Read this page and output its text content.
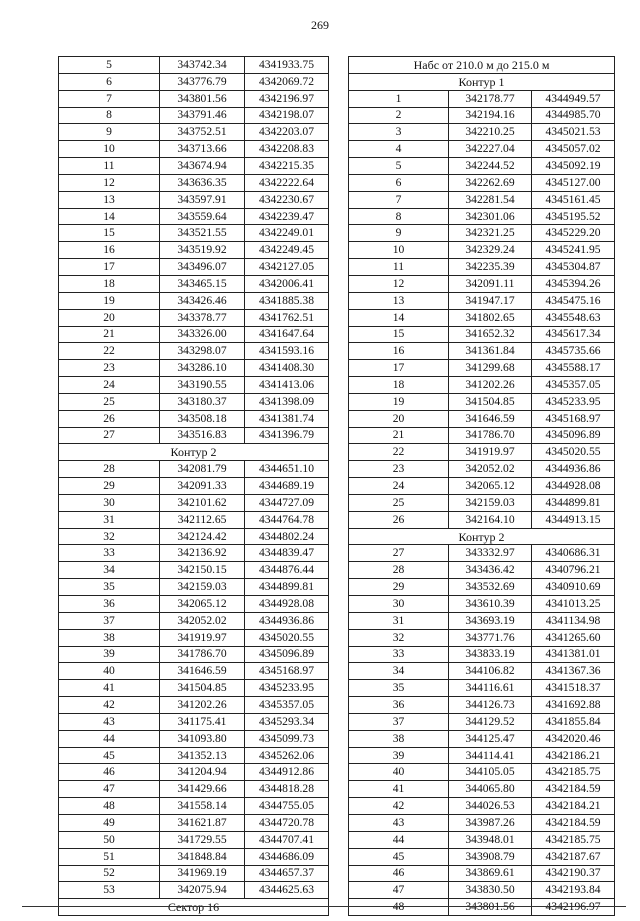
269
5	343742.34	4341933.75
6	343776.79	4342069.72
7	343801.56	4342196.97
8	343791.46	4342198.07
9	343752.51	4342203.07
10	343713.66	4342208.83
11	343674.94	4342215.35
12	343636.35	4342222.64
13	343597.91	4342230.67
14	343559.64	4342239.47
15	343521.55	4342249.01
16	343519.92	4342249.45
17	343496.07	4342127.05
18	343465.15	4342006.41
19	343426.46	4341885.38
20	343378.77	4341762.51
21	343326.00	4341647.64
22	343298.07	4341593.16
23	343286.10	4341408.30
24	343190.55	4341413.06
25	343180.37	4341398.09
26	343508.18	4341381.74
27	343516.83	4341396.79
Контур 2		
28	342081.79	4344651.10
29	342091.33	4344689.19
30	342101.62	4344727.09
31	342112.65	4344764.78
32	342124.42	4344802.24
33	342136.92	4344839.47
34	342150.15	4344876.44
35	342159.03	4344899.81
36	342065.12	4344928.08
37	342052.02	4344936.86
38	341919.97	4345020.55
39	341786.70	4345096.89
40	341646.59	4345168.97
41	341504.85	4345233.95
42	341202.26	4345357.05
43	341175.41	4345293.34
44	341093.80	4345099.73
45	341352.13	4345262.06
46	341204.94	4344912.86
47	341429.66	4344818.28
48	341558.14	4344755.05
49	341621.87	4344720.78
50	341729.55	4344707.41
51	341848.84	4344686.09
52	341969.19	4344657.37
53	342075.94	4344625.63
Сектор 16		
Набс от 210.0 м до 215.0 м		
Контур 1		
1	342178.77	4344949.57
2	342194.16	4344985.70
3	342210.25	4345021.53
4	342227.04	4345057.02
5	342244.52	4345092.19
6	342262.69	4345127.00
7	342281.54	4345161.45
8	342301.06	4345195.52
9	342321.25	4345229.20
10	342329.24	4345241.95
11	342235.39	4345304.87
12	342091.11	4345394.26
13	341947.17	4345475.16
14	341802.65	4345548.63
15	341652.32	4345617.34
16	341361.84	4345735.66
17	341299.68	4345588.17
18	341202.26	4345357.05
19	341504.85	4345233.95
20	341646.59	4345168.97
21	341786.70	4345096.89
22	341919.97	4345020.55
23	342052.02	4344936.86
24	342065.12	4344928.08
25	342159.03	4344899.81
26	342164.10	4344913.15
Контур 2		
27	343332.97	4340686.31
28	343436.42	4340796.21
29	343532.69	4340910.69
30	343610.39	4341013.25
31	343693.19	4341134.98
32	343771.76	4341265.60
33	343833.19	4341381.01
34	344106.82	4341367.36
35	344116.61	4341518.37
36	344126.73	4341692.88
37	344129.52	4341855.84
38	344125.47	4342020.46
39	344114.41	4342186.21
40	344105.05	4342185.75
41	344065.80	4342184.59
42	344026.53	4342184.21
43	343987.26	4342184.59
44	343948.01	4342185.75
45	343908.79	4342187.67
46	343869.61	4342190.37
47	343830.50	4342193.84
48	343801.56	4342196.97
